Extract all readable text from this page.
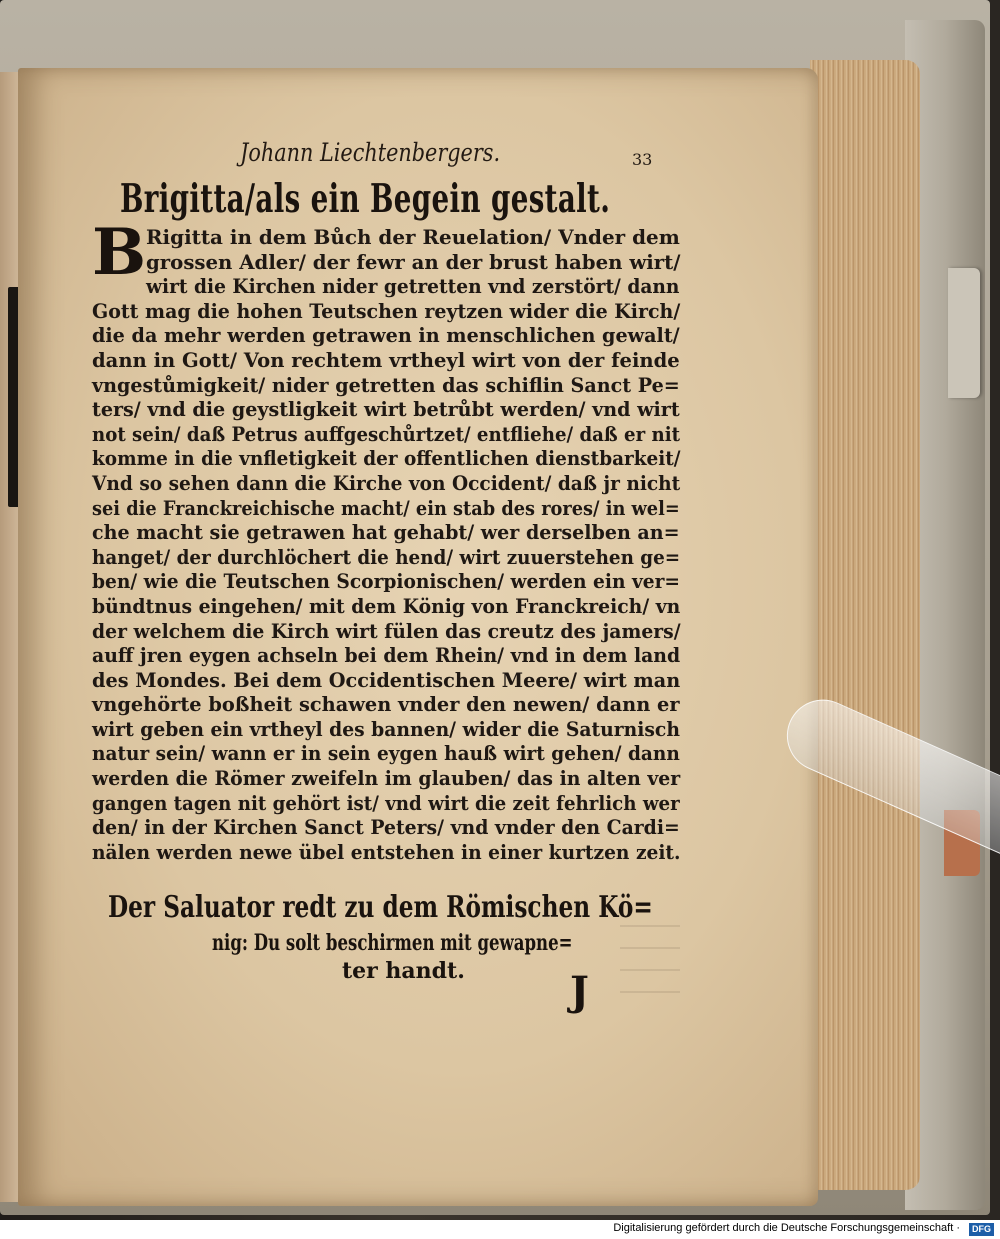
Johann Liechtenbergers.	33
Brigitta/als ein Begein gestalt.
B Rigitta in dem Bůch der Reuelation/ Vnder dem
grossen Adler/ der fewr an der brust haben wirt/
wirt die Kirchen nider getretten vnd zerstört/ dann
Gott mag die hohen Teutschen reytzen wider die Kirch/
die da mehr werden getrawen in menschlichen gewalt/
dann in Gott/ Von rechtem vrtheyl wirt von der feinde
vngestůmigkeit/ nider getretten das schiflin Sanct Pe=
ters/ vnd die geystligkeit wirt betrůbt werden/ vnd wirt
not sein/ daß Petrus auffgeschůrtzet/ entfliehe/ daß er nit
komme in die vnfletigkeit der offentlichen dienstbarkeit/
Vnd so sehen dann die Kirche von Occident/ daß jr nicht
sei die Franckreichische macht/ ein stab des rores/ in wel=
che macht sie getrawen hat gehabt/ wer derselben an=
hanget/ der durchlöchert die hend/ wirt zuuerstehen ge=
ben/ wie die Teutschen Scorpionischen/ werden ein ver=
bündtnus eingehen/ mit dem König von Franckreich/ vn
der welchem die Kirch wirt fülen das creutz des jamers/
auff jren eygen achseln bei dem Rhein/ vnd in dem land
des Mondes. Bei dem Occidentischen Meere/ wirt man
vngehörte boßheit schawen vnder den newen/ dann er
wirt geben ein vrtheyl des bannen/ wider die Saturnisch
natur sein/ wann er in sein eygen hauß wirt gehen/ dann
werden die Römer zweifeln im glauben/ das in alten ver
gangen tagen nit gehört ist/ vnd wirt die zeit fehrlich wer
den/ in der Kirchen Sanct Peters/ vnd vnder den Cardi=
nälen werden newe übel entstehen in einer kurtzen zeit.
Der Saluator redt zu dem Römischen Kö=
nig: Du solt beschirmen mit gewapne=
ter handt.	J
Digitalisierung gefördert durch die Deutsche Forschungsgemeinschaft ·	DFG
